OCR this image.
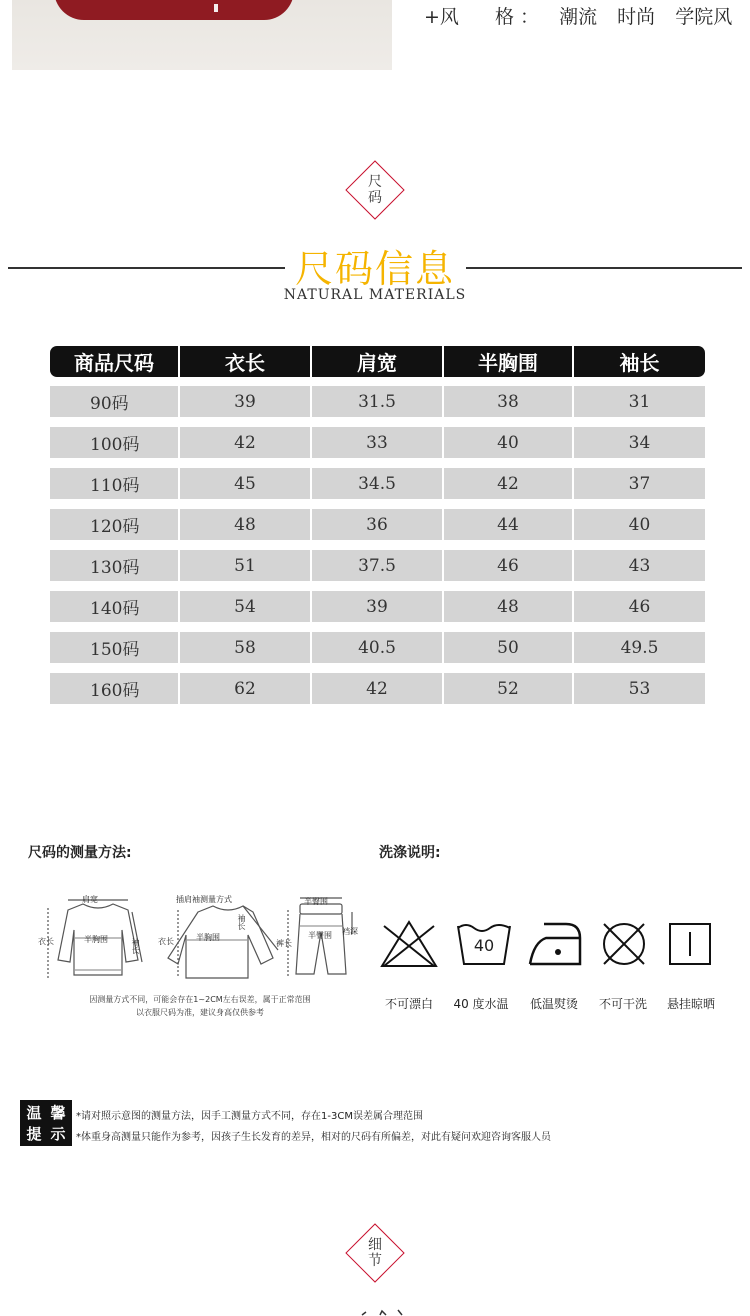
+风 格 ： 潮流 时尚 学院风
尺
码
尺码信息
NATURAL MATERIALS
商品尺码	衣长	肩宽	半胸围	袖长
90码	39	31.5	38	31
100码	42	33	40	34
110码	45	34.5	42	37
120码	48	36	44	40
130码	51	37.5	46	43
140码	54	39	48	46
150码	58	40.5	50	49.5
160码	62	42	52	53
尺码的测量方法:
肩宽	插肩袖测量方式	半臀围
衣长	半胸围	袖长 衣长	半胸围
袖长
裤长
半臀围 裆深
因测量方式不同，可能会存在1~2CM左右误差，属于正常范围
以衣服尺码为准，建议身高仅供参考
洗涤说明:
40
不可漂白	40 度水温	低温熨烫	不可干洗	悬挂晾晒
温 馨
提 示
*请对照示意图的测量方法，因手工测量方式不同，存在1-3CM误差属合理范围
*体重身高测量只能作为参考，因孩子生长发育的差异，相对的尺码有所偏差，对此有疑问欢迎咨询客服人员
细
节
